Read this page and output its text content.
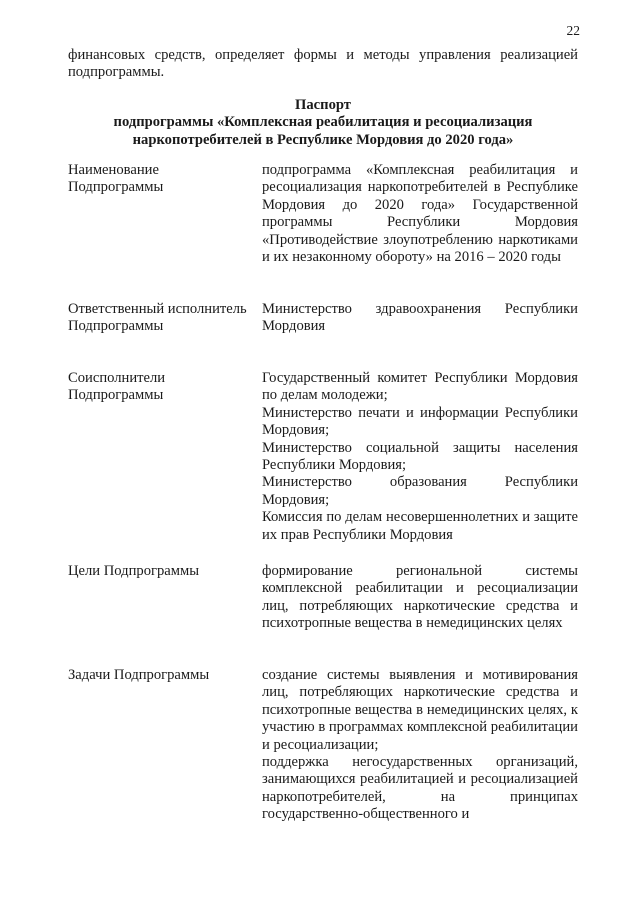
22
финансовых средств, определяет формы и методы управления реализацией подпрограммы.
Паспорт
подпрограммы «Комплексная реабилитация и ресоциализация
наркопотребителей в Республике Мордовия до 2020 года»
Наименование Подпрограммы
подпрограмма «Комплексная реабилитация и ресоциализация наркопотребителей в Республике Мордовия до 2020 года» Государственной программы Республики Мордовия «Противодействие злоупотреблению наркотиками и их незаконному обороту» на 2016 – 2020 годы
Ответственный исполнитель Подпрограммы
Министерство здравоохранения Республики Мордовия
Соисполнители Подпрограммы
Государственный комитет Республики Мордовия по делам молодежи;
Министерство печати и информации Республики Мордовия;
Министерство социальной защиты населения Республики Мордовия;
Министерство образования Республики Мордовия;
Комиссия по делам несовершеннолетних и защите их прав Республики Мордовия
Цели Подпрограммы	формирование региональной системы комплексной реабилитации и ресоциализации лиц, потребляющих наркотические средства и психотропные вещества в немедицинских целях
Задачи Подпрограммы	создание системы выявления и мотивирования лиц, потребляющих наркотические средства и психотропные вещества в немедицинских целях, к участию в программах комплексной реабилитации и ресоциализации;
поддержка негосударственных организаций, занимающихся реабилитацией и ресоциализацией наркопотребителей, на принципах государственно-общественного и
